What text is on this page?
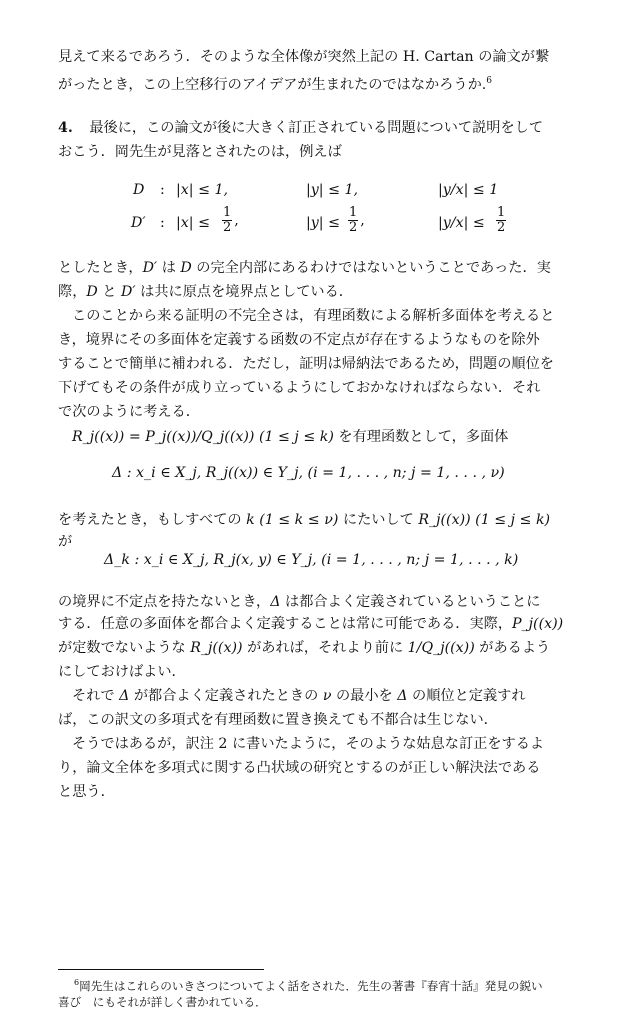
見えて来るであろう．そのような全体像が突然上記の H. Cartan の論文が繋
がったとき，この上空移行のアイデアが生まれたのではなかろうか.$^6$
4. 最後に，この論文が後に大きく訂正されている問題について説明をして
おこう．岡先生が見落とされたのは，例えば
D : |x| ≤ 1,	|y| ≤ 1,	|y/x| ≤ 1
D′ : $|x| \le \frac{1}{2}$ ,	$|y| \le \frac{1}{2}$ ,	$|y/x| \le \frac{1}{2}$
としたとき，D′ は D の完全内部にあるわけではないということであった．実
際，D と D′ は共に原点を境界点としている．
このことから来る証明の不完全さは，有理函数による解析多面体を考えると
き，境界にその多面体を定義する函数の不定点が存在するようなものを除外
することで簡単に補われる．ただし，証明は帰納法であるため，問題の順位を
下げてもその条件が成り立っているようにしておかなければならない．それ
で次のように考える．
R_j((x)) = P_j((x))/Q_j((x)) (1 ≤ j ≤ k) を有理函数として，多面体
Δ : x_i ∈ X_j, R_j((x)) ∈ Y_j, (i = 1, . . . , n; j = 1, . . . , ν)
を考えたとき，もしすべての k (1 ≤ k ≤ ν) にたいして R_j((x)) (1 ≤ j ≤ k)
が
Δ_k : x_i ∈ X_j, R_j(x, y) ∈ Y_j, (i = 1, . . . , n; j = 1, . . . , k)
の境界に不定点を持たないとき，Δ は都合よく定義されているということに
する．任意の多面体を都合よく定義することは常に可能である．実際，P_j((x))
が定数でないような R_j((x)) があれば，それより前に 1/Q_j((x)) があるよう
にしておけばよい．
それで Δ が都合よく定義されたときの ν の最小を Δ の順位と定義すれ
ば，この訳文の多項式を有理函数に置き換えても不都合は生じない．
そうではあるが，訳注 2 に書いたように，そのような姑息な訂正をするよ
り，論文全体を多項式に関する凸状域の研究とするのが正しい解決法である
と思う．
$^6$岡先生はこれらのいきさつについてよく話をされた．先生の著書『春宵十話』発見の鋭い
喜び　にもそれが詳しく書かれている．
